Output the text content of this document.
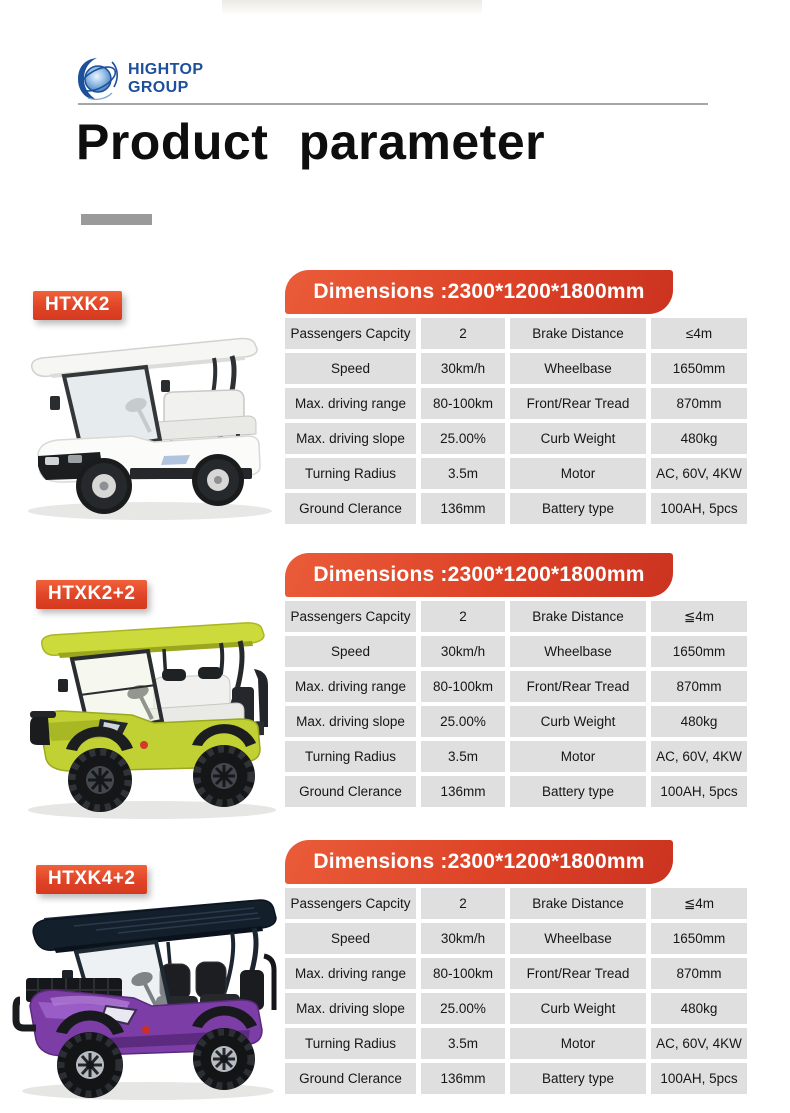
HIGHTOP
GROUP
Product parameter
HTXK2
Dimensions :2300*1200*1800mm
Passengers Capcity	2	Brake Distance	≤4m
Speed	30km/h	Wheelbase	1650mm
Max. driving range	80-100km	Front/Rear Tread	870mm
Max. driving slope	25.00%	Curb Weight	480kg
Turning Radius	3.5m	Motor	AC, 60V, 4KW
Ground Clerance	136mm	Battery type	100AH, 5pcs
HTXK2+2
Dimensions :2300*1200*1800mm
Passengers Capcity	2	Brake Distance	≦4m
Speed	30km/h	Wheelbase	1650mm
Max. driving range	80-100km	Front/Rear Tread	870mm
Max. driving slope	25.00%	Curb Weight	480kg
Turning Radius	3.5m	Motor	AC, 60V, 4KW
Ground Clerance	136mm	Battery type	100AH, 5pcs
HTXK4+2
Dimensions :2300*1200*1800mm
Passengers Capcity	2	Brake Distance	≦4m
Speed	30km/h	Wheelbase	1650mm
Max. driving range	80-100km	Front/Rear Tread	870mm
Max. driving slope	25.00%	Curb Weight	480kg
Turning Radius	3.5m	Motor	AC, 60V, 4KW
Ground Clerance	136mm	Battery type	100AH, 5pcs
